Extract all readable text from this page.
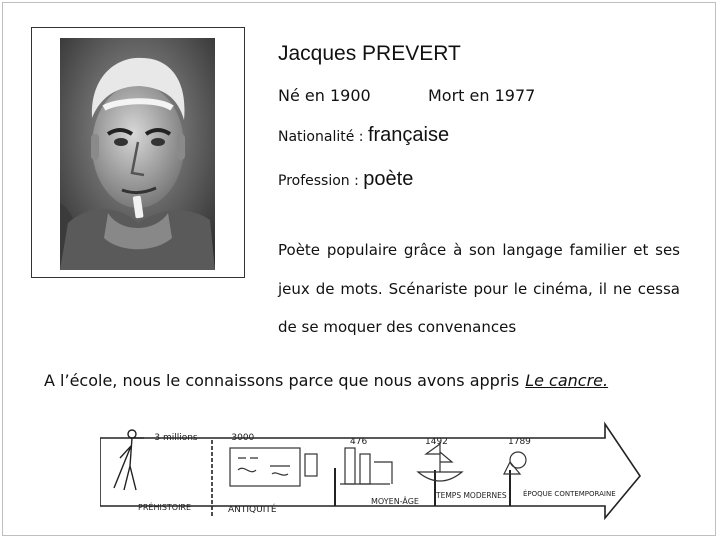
Jacques PREVERT
Né en 1900	Mort en 1977
Nationalité : française
Profession : poète
Poète populaire grâce à son langage familier et ses jeux de mots. Scénariste pour le cinéma, il ne cessa de se moquer des convenances
A l’école, nous le connaissons parce que nous avons appris Le cancre.
– 3 millions	– 3000	476	1492	1789
PRÉHISTOIRE	ANTIQUITÉ
MOYEN-ÂGE
TEMPS MODERNES ÉPOQUE CONTEMPORAINE
